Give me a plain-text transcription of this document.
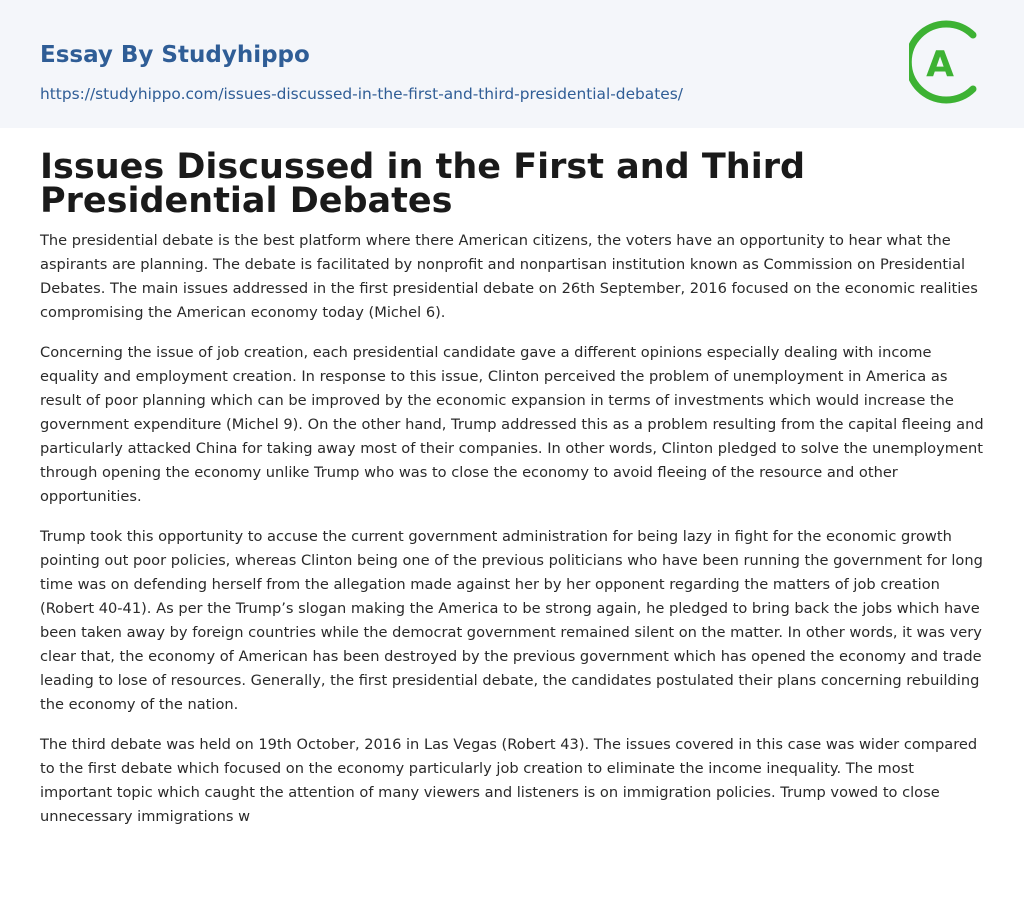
Essay By Studyhippo
https://studyhippo.com/issues-discussed-in-the-first-and-third-presidential-debates/
A
Issues Discussed in the First and Third Presidential Debates

The presidential debate is the best platform where there American citizens, the voters have an opportunity to hear what the aspirants are planning. The debate is facilitated by nonprofit and nonpartisan institution known as Commission on Presidential Debates. The main issues addressed in the first presidential debate on 26th September, 2016 focused on the economic realities compromising the American economy today (Michel 6).

Concerning the issue of job creation, each presidential candidate gave a different opinions especially dealing with income equality and employment creation. In response to this issue, Clinton perceived the problem of unemployment in America as result of poor planning which can be improved by the economic expansion in terms of investments which would increase the government expenditure (Michel 9). On the other hand, Trump addressed this as a problem resulting from the capital fleeing and particularly attacked China for taking away most of their companies. In other words, Clinton pledged to solve the unemployment through opening the economy unlike Trump who was to close the economy to avoid fleeing of the resource and other opportunities.

Trump took this opportunity to accuse the current government administration for being lazy in fight for the economic growth pointing out poor policies, whereas Clinton being one of the previous politicians who have been running the government for long time was on defending herself from the allegation made against her by her opponent regarding the matters of job creation (Robert 40-41). As per the Trump’s slogan making the America to be strong again, he pledged to bring back the jobs which have been taken away by foreign countries while the democrat government remained silent on the matter. In other words, it was very clear that, the economy of American has been destroyed by the previous government which has opened the economy and trade leading to lose of resources. Generally, the first presidential debate, the candidates postulated their plans concerning rebuilding the economy of the nation.

The third debate was held on 19th October, 2016 in Las Vegas (Robert 43). The issues covered in this case was wider compared to the first debate which focused on the economy particularly job creation to eliminate the income inequality. The most important topic which caught the attention of many viewers and listeners is on immigration policies. Trump vowed to close unnecessary immigrations w
